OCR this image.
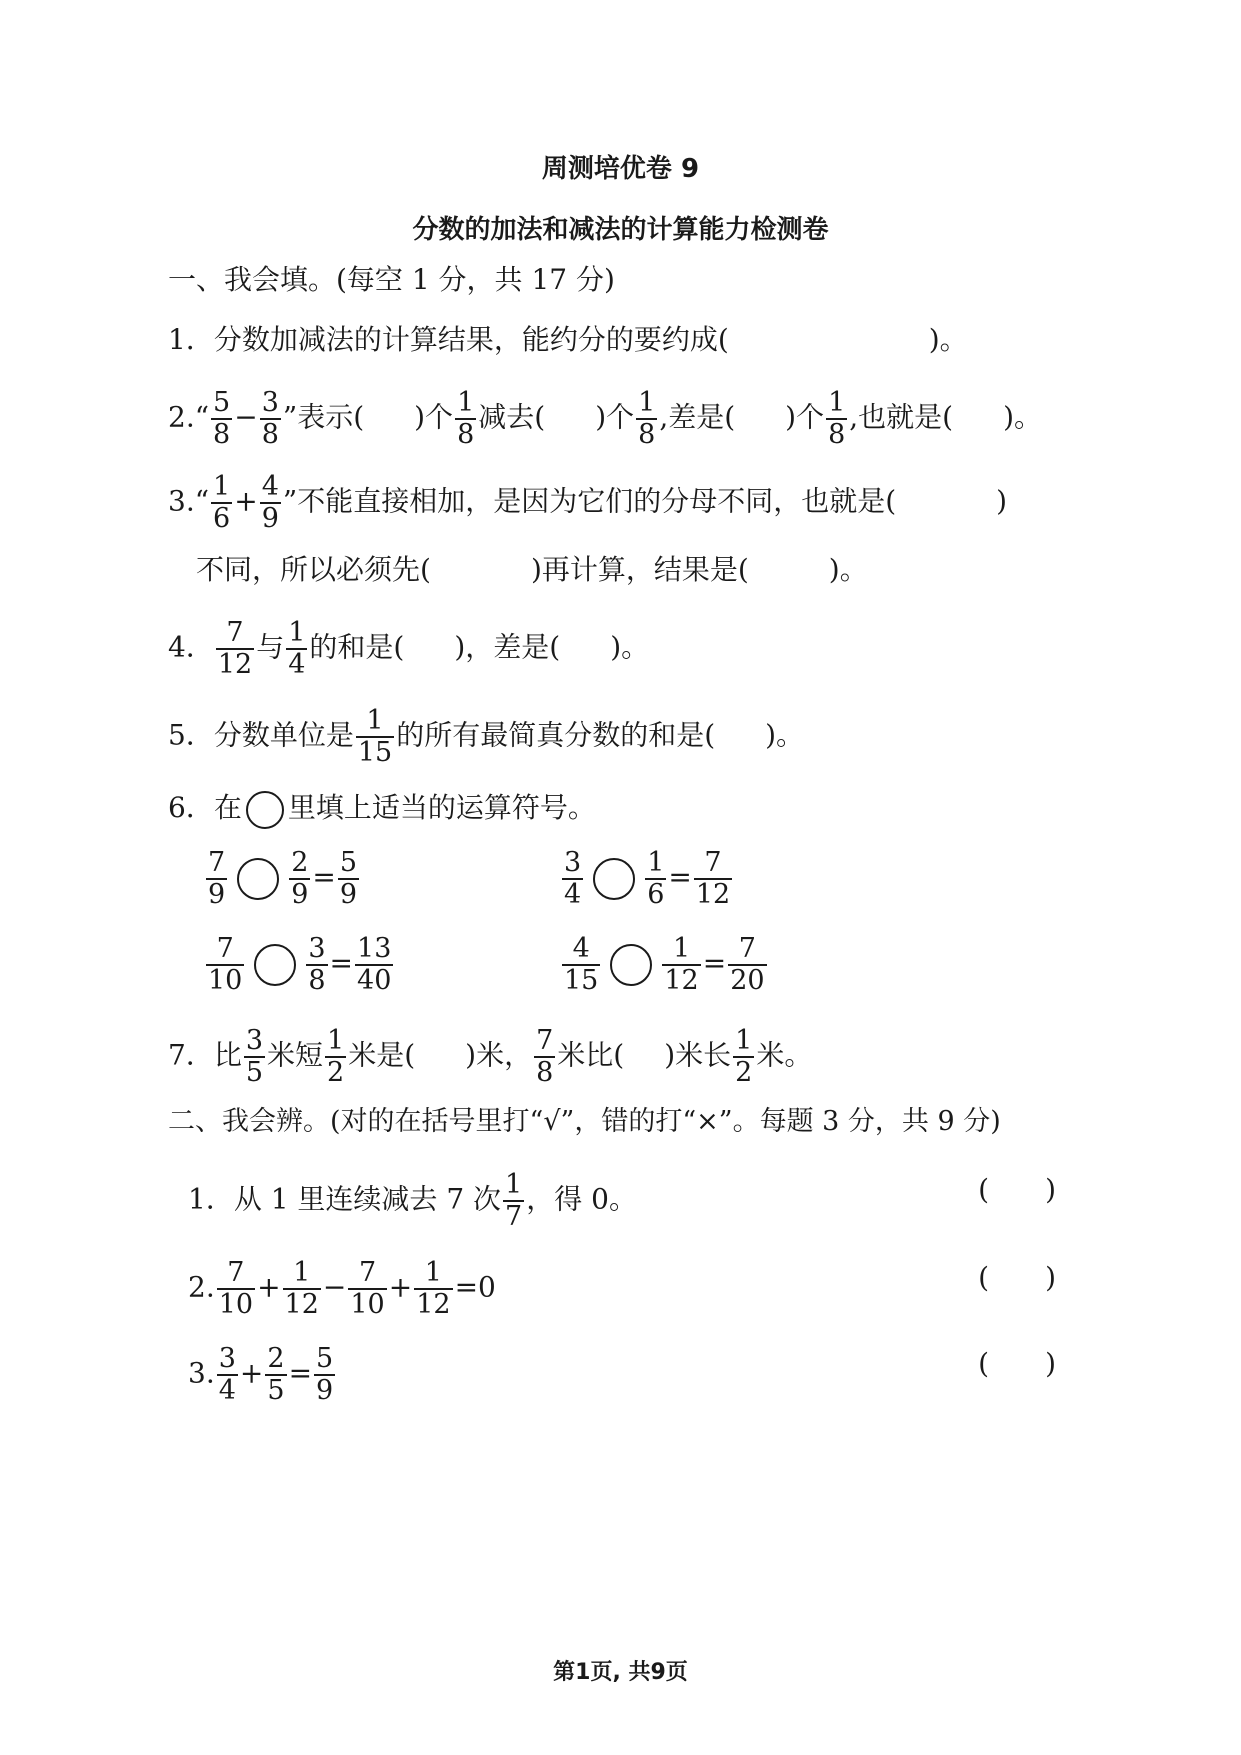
周测培优卷 9
分数的加法和减法的计算能力检测卷
一、我会填。(每空 1 分，共 17 分)
1．分数加减法的计算结果，能约分的要约成(	)。
2.“ $\frac{5}{8} - \frac{3}{8}$ ”表示( )个 $\frac{1}{8}$ 减去( )个 $\frac{1}{8}$ ,差是( )个 $\frac{1}{8}$ ,也就是( )。
3.“ $\frac{1}{6} + \frac{4}{9}$ ”不能直接相加，是因为它们的分母不同，也就是(	)
不同，所以必须先(	)再计算，结果是(	)。
4． $\frac{7}{12}$ 与 $\frac{1}{4}$ 的和是( )，差是( )。
5．分数单位是 $\frac{1}{15}$ 的所有最简真分数的和是( )。
6．在 里填上适当的运算符号。
$\frac{7}{9} \frac{2}{9} = \frac{5}{9}$	$\frac{3}{4} \frac{1}{6} = \frac{7}{12}$
$\frac{7}{10} \frac{3}{8} = \frac{13}{40}$	$\frac{4}{15} \frac{1}{12} = \frac{7}{20}$
7．比 $\frac{3}{5}$ 米短 $\frac{1}{2}$ 米是( )米， $\frac{7}{8}$ 米比( )米长 $\frac{1}{2}$ 米。
二、我会辨。(对的在括号里打“√”，错的打“×”。每题 3 分，共 9 分)
1．从 1 里连续减去 7 次 $\frac{1}{7}$ ，得 0。	(　　)
2. $\frac{7}{10} + \frac{1}{12} - \frac{7}{10} + \frac{1}{12} =0$	(　　)
3. $\frac{3}{4} + \frac{2}{5} = \frac{5}{9}$	(　　)
第1页, 共9页
